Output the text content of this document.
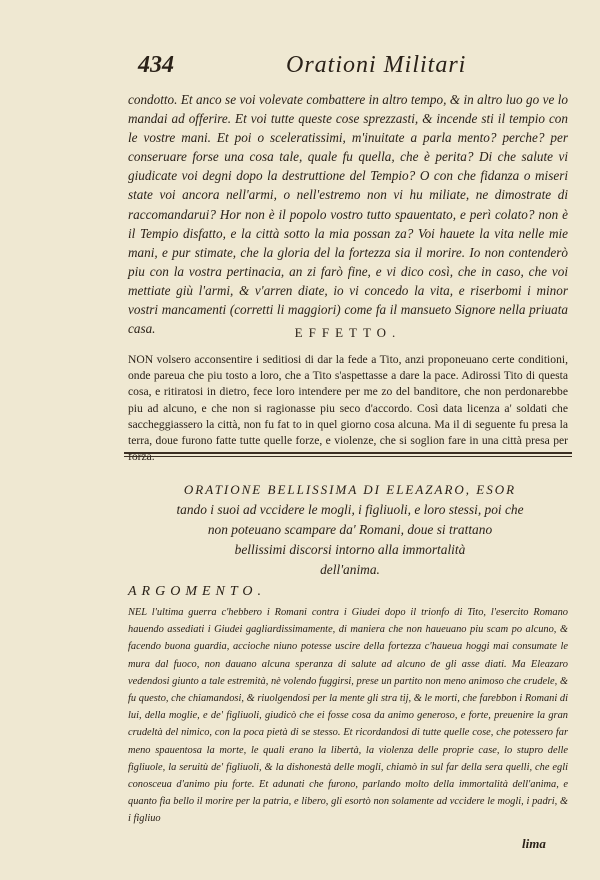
434	Orationi Militari
condotto. Et anco se voi volevate combattere in altro tempo, & in altro luo go ve lo mandai ad offerire. Et voi tutte queste cose sprezzasti, & incende sti il tempio con le vostre mani. Et poi o sceleratissimi, m'inuitate a parla mento? perche? per conseruare forse una cosa tale, quale fu quella, che è perita? Di che salute vi giudicate voi degni dopo la destruttione del Tempio? O con che fidanza o miseri state voi ancora nell'armi, o nell'estremo non vi hu miliate, ne dimostrate di raccomandarui? Hor non è il popolo vostro tutto spauentato, e perì colato? non è il Tempio disfatto, e la città sotto la mia possan za? Voi hauete la vita nelle mie mani, e pur stimate, che la gloria del la fortezza sia il morire. Io non contenderò piu con la vostra pertinacia, an zi farò fine, e vi dico così, che in caso, che voi mettiate giù l'armi, & v'arren diate, io vi concedo la vita, e riserbomi i minor vostri mancamenti (corretti li maggiori) come fa il mansueto Signore nella priuata casa.	EFFETTO.
NON volsero acconsentire i seditiosi di dar la fede a Tito, anzi proponeuano certe conditioni, onde pareua che piu tosto a loro, che a Tito s'aspettasse a dare la pace. Adirossi Tito di questa cosa, e ritiratosi in dietro, fece loro intendere per me zo del banditore, che non perdonarebbe piu ad alcuno, e che non si ragionasse piu seco d'accordo. Così data licenza a' soldati che saccheggiassero la città, non fu fat to in quel giorno cosa alcuna. Ma il di seguente fu presa la terra, doue furono fatte tutte quelle forze, e violenze, che si soglion fare in una città presa per forza.
ORATIONE BELLISSIMA DI ELEAZARO, ESOR
tando i suoi ad vccidere le mogli, i figliuoli, e loro stessi, poi che
non poteuano scampare da' Romani, doue si trattano
bellissimi discorsi intorno alla immortalità
dell'anima.
ARGOMENTO.
NEL l'ultima guerra c'hebbero i Romani contra i Giudei dopo il trionfo di Tito, l'esercito Romano hauendo assediati i Giudei gagliardissimamente, di maniera che non haueuano piu scam po alcuno, & facendo buona guardia, accioche niuno potesse uscire della fortezza c'haueua hoggi mai consumate le mura dal fuoco, non dauano alcuna speranza di salute ad alcuno de gli asse diati. Ma Eleazaro vedendosi giunto a tale estremità, nè volendo fuggirsi, prese un partito non meno animoso che crudele, & fu questo, che chiamandosi, & riuolgendosi per la mente gli stra tij, & le morti, che farebbon i Romani di lui, della moglie, e de' figliuoli, giudicò che ei fosse cosa da animo generoso, e forte, preuenire la gran crudeltà del nimico, con la poca pietà di se stesso. Et ricordandosi di tutte quelle cose, che potessero far meno spauentosa la morte, le quali erano la libertà, la violenza delle proprie case, lo stupro delle figliuole, la seruitù de' figliuoli, & la dishonestà delle mogli, chiamò in sul far della sera quelli, che egli conosceua d'animo piu forte. Et adunati che furono, parlando molto della immortalità dell'anima, e quanto fia bello il morire per la patria, e libero, gli esortò non solamente ad vccidere le mogli, i padri, & i figliuo
lima
